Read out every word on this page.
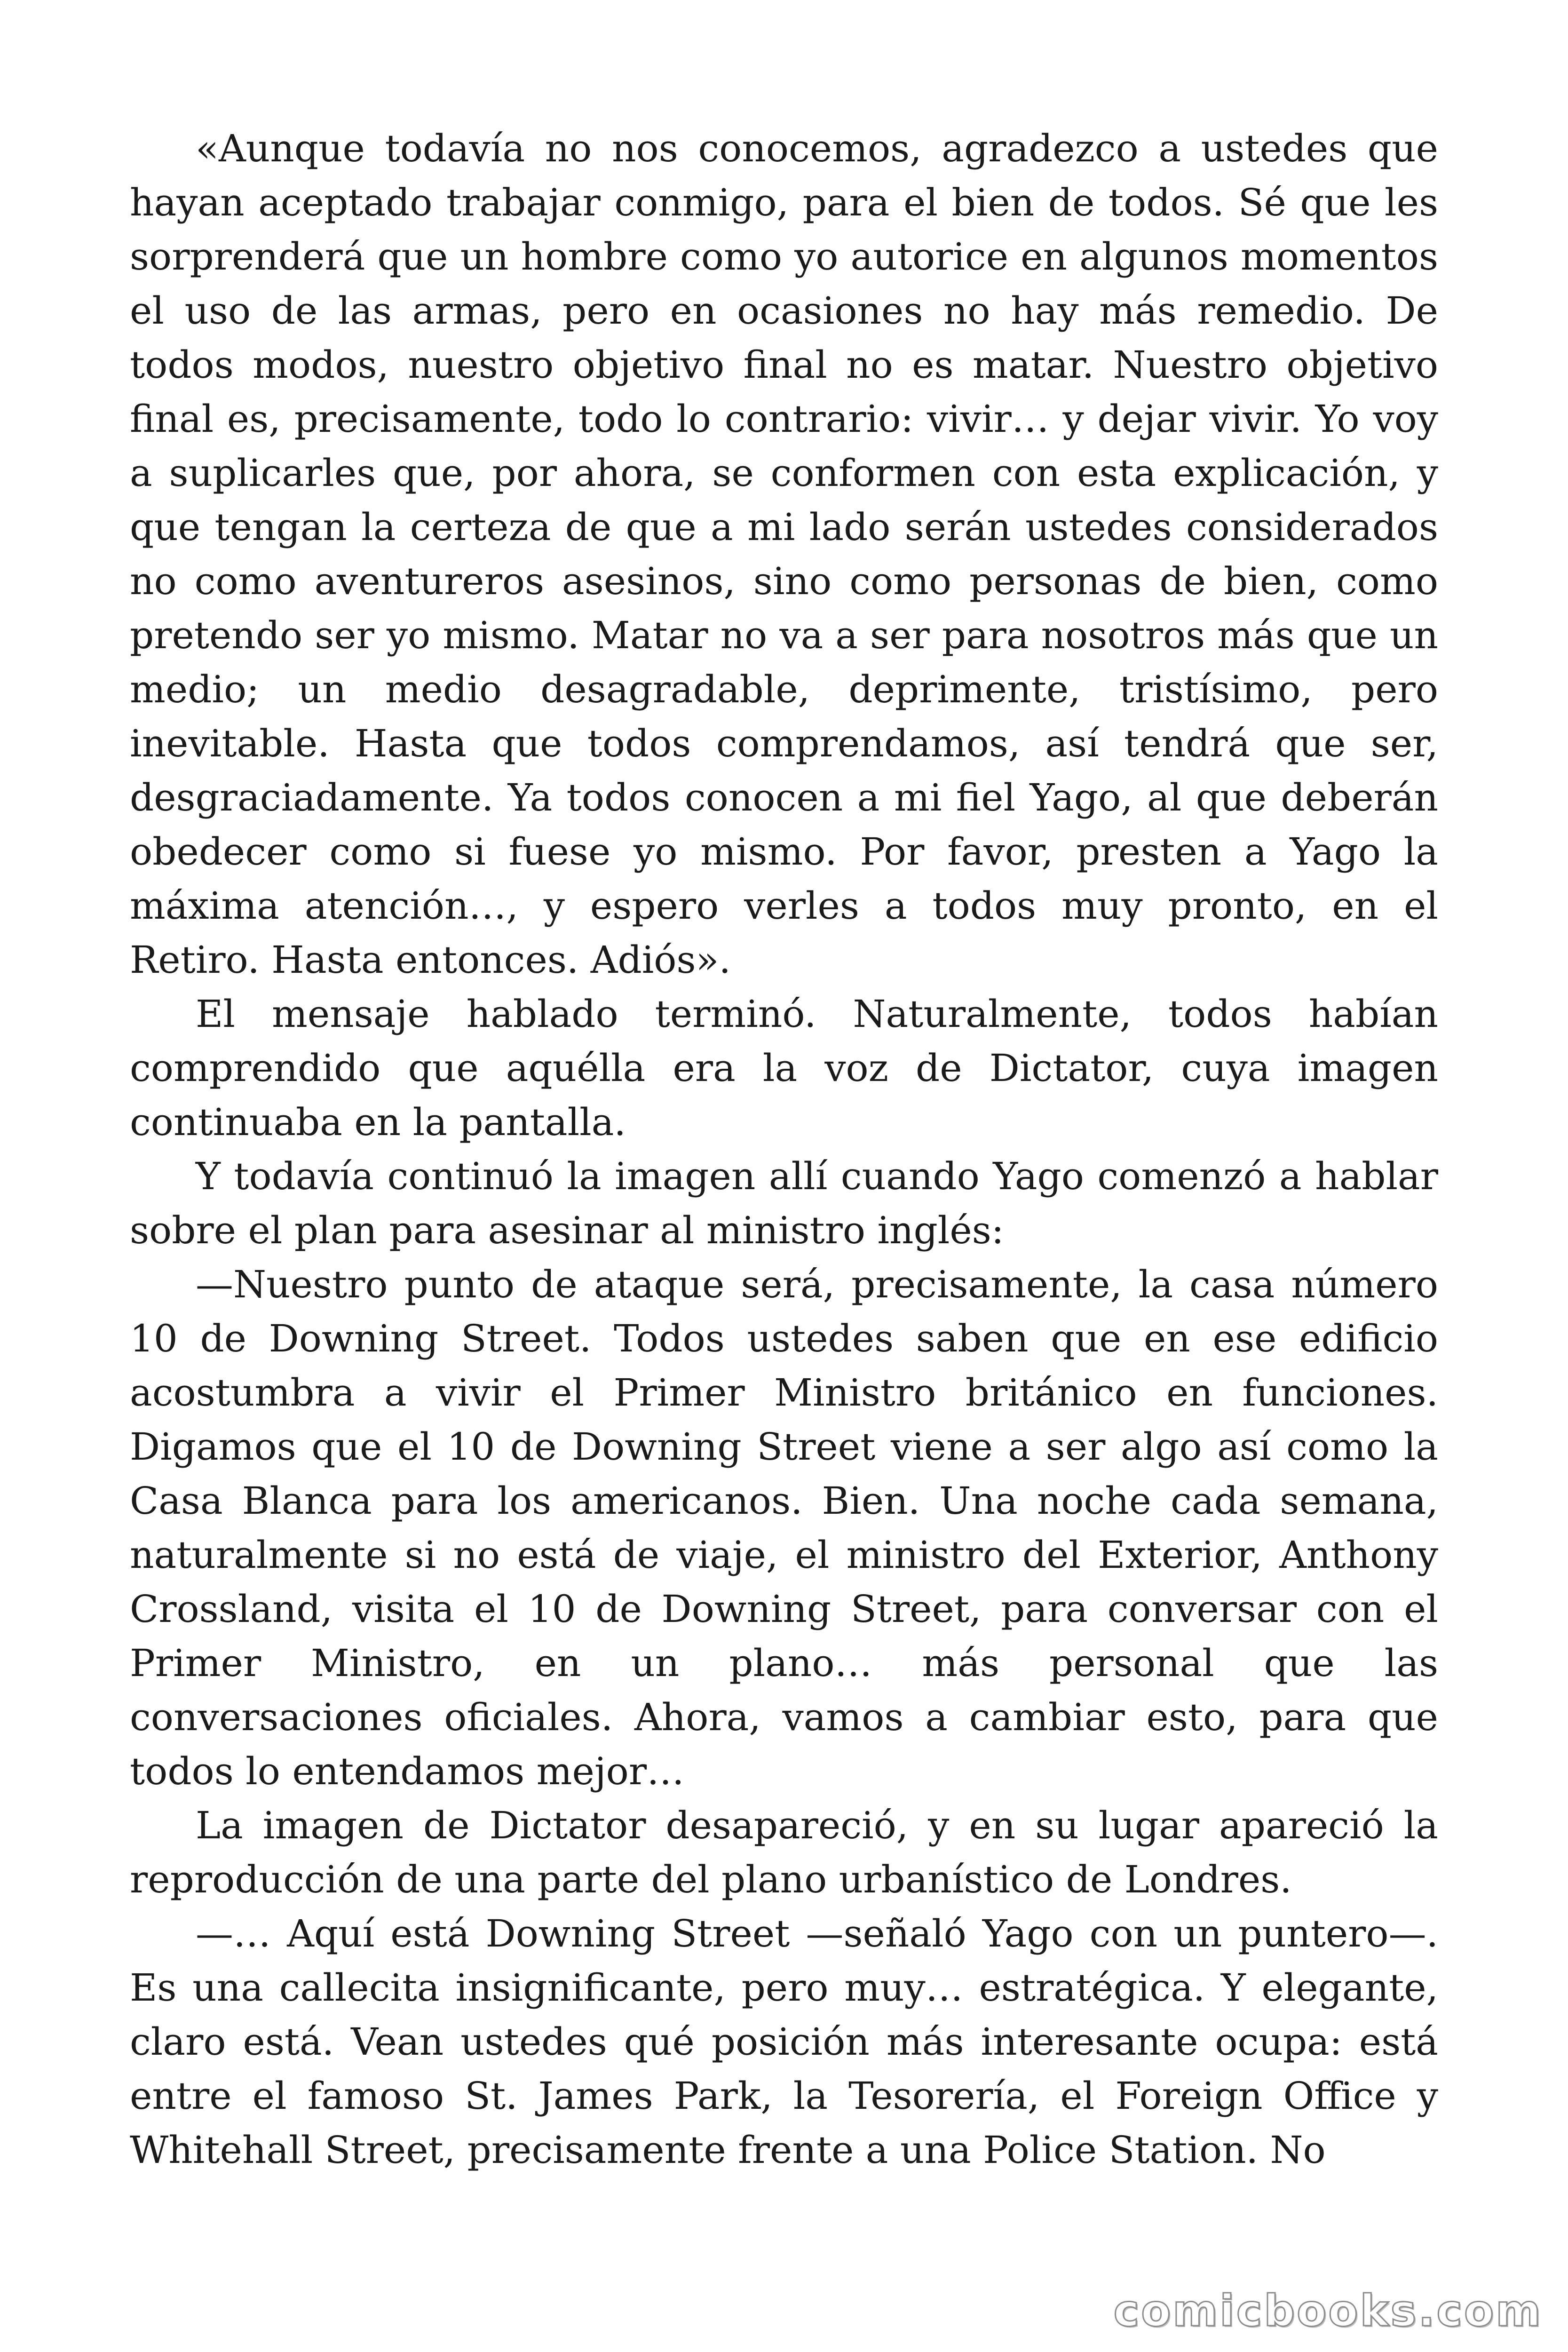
«Aunque todavía no nos conocemos, agradezco a ustedes que hayan aceptado trabajar conmigo, para el bien de todos. Sé que les sorprenderá que un hombre como yo autorice en algunos momentos el uso de las armas, pero en ocasiones no hay más remedio. De todos modos, nuestro objetivo final no es matar. Nuestro objetivo final es, precisamente, todo lo contrario: vivir… y dejar vivir. Yo voy a suplicarles que, por ahora, se conformen con esta explicación, y que tengan la certeza de que a mi lado serán ustedes considerados no como aventureros asesinos, sino como personas de bien, como pretendo ser yo mismo. Matar no va a ser para nosotros más que un medio; un medio desagradable, deprimente, tristísimo, pero inevitable. Hasta que todos comprendamos, así tendrá que ser, desgraciadamente. Ya todos conocen a mi fiel Yago, al que deberán obedecer como si fuese yo mismo. Por favor, presten a Yago la máxima atención…, y espero verles a todos muy pronto, en el Retiro. Hasta entonces. Adiós».

El mensaje hablado terminó. Naturalmente, todos habían comprendido que aquélla era la voz de Dictator, cuya imagen continuaba en la pantalla.

Y todavía continuó la imagen allí cuando Yago comenzó a hablar sobre el plan para asesinar al ministro inglés:

—Nuestro punto de ataque será, precisamente, la casa número 10 de Downing Street. Todos ustedes saben que en ese edificio acostumbra a vivir el Primer Ministro británico en funciones. Digamos que el 10 de Downing Street viene a ser algo así como la Casa Blanca para los americanos. Bien. Una noche cada semana, naturalmente si no está de viaje, el ministro del Exterior, Anthony Crossland, visita el 10 de Downing Street, para conversar con el Primer Ministro, en un plano… más personal que las conversaciones oficiales. Ahora, vamos a cambiar esto, para que todos lo entendamos mejor…

La imagen de Dictator desapareció, y en su lugar apareció la reproducción de una parte del plano urbanístico de Londres.

—… Aquí está Downing Street —señaló Yago con un puntero—. Es una callecita insignificante, pero muy… estratégica. Y elegante, claro está. Vean ustedes qué posición más interesante ocupa: está entre el famoso St. James Park, la Tesorería, el Foreign Office y Whitehall Street, precisamente frente a una Police Station. No

comicbooks.com
